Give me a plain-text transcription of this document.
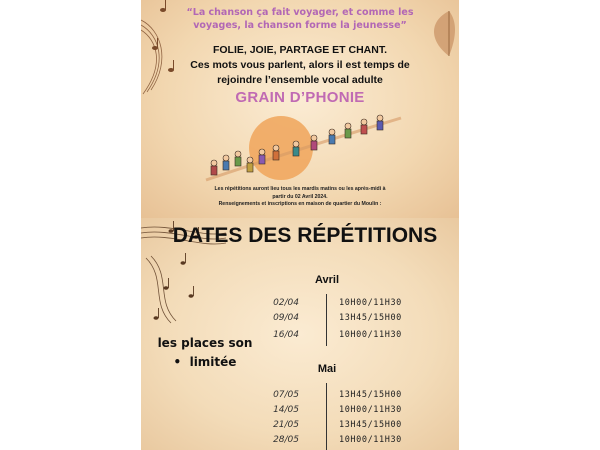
“La chanson ça fait voyager, et comme les
voyages, la chanson forme la jeunesse”
FOLIE, JOIE, PARTAGE ET CHANT.
Ces mots vous parlent, alors il est temps de
rejoindre l’ensemble vocal adulte
GRAIN D’PHONIE
Les répétitions auront lieu tous les mardis matins ou les après-midi à
partir du 02 Avril 2024.
Renseignements et inscriptions en maison de quartier du Moulin :
DATES DES RÉPÉTITIONS
les places son
•  limitée
Avril
02/04	10H00/11H30
09/04	13H45/15H00
16/04	10H00/11H30
Mai
07/05	13H45/15H00
14/05	10H00/11H30
21/05	13H45/15H00
28/05	10H00/11H30
